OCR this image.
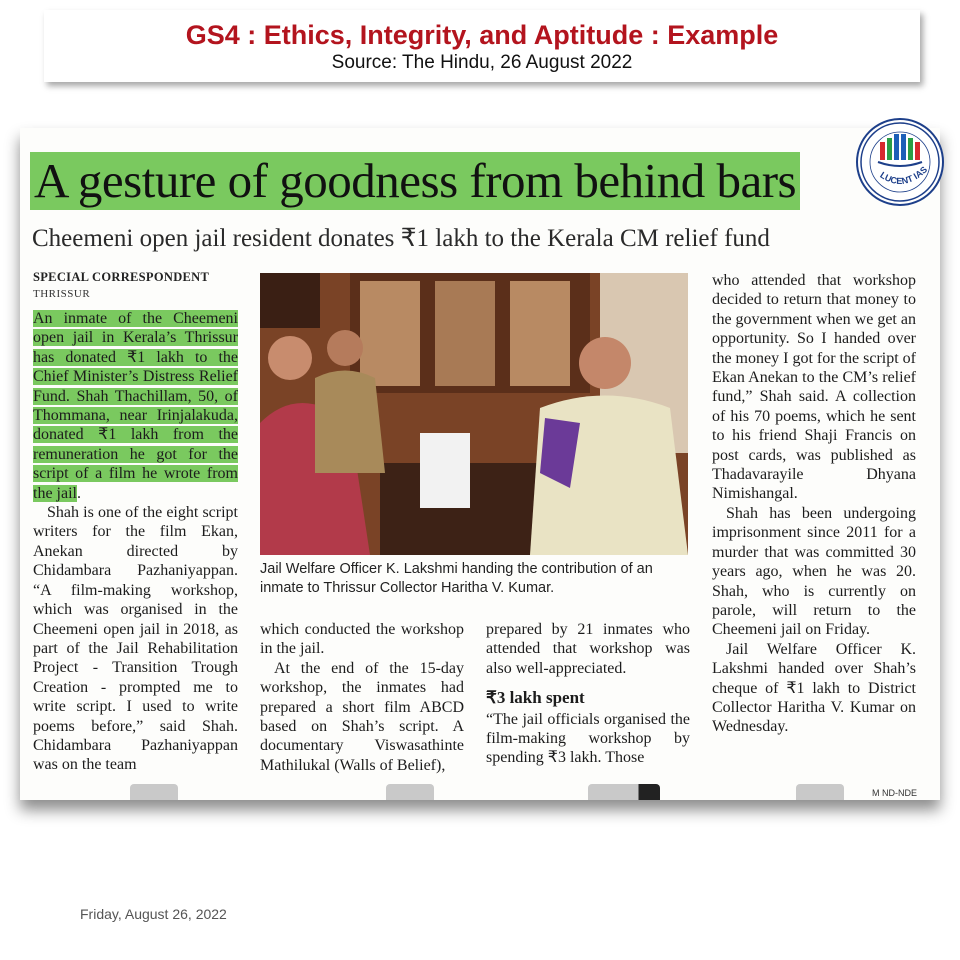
GS4 : Ethics, Integrity, and Aptitude : Example
Source: The Hindu, 26 August 2022
LUCENT IAS
A gesture of goodness from behind bars
Cheemeni open jail resident donates ₹1 lakh to the Kerala CM relief fund
SPECIAL CORRESPONDENT
THRISSUR

An inmate of the Cheemeni open jail in Kerala’s Thrissur has donated ₹1 lakh to the Chief Minister’s Distress Relief Fund. Shah Thachillam, 50, of Thommana, near Irinjalakuda, donated ₹1 lakh from the remuneration he got for the script of a film he wrote from the jail.

Shah is one of the eight script writers for the film Ekan, Anekan directed by Chidambara Pazhaniyappan. “A film-making workshop, which was organised in the Cheemeni open jail in 2018, as part of the Jail Rehabilitation Project - Transition Trough Creation - prompted me to write script. I used to write poems before,” said Shah. Chidambara Pazhaniyappan was on the team

Jail Welfare Officer K. Lakshmi handing the contribution of an inmate to Thrissur Collector Haritha V. Kumar.

which conducted the workshop in the jail.

At the end of the 15-day workshop, the inmates had prepared a short film ABCD based on Shah’s script. A documentary Viswasathinte Mathilukal (Walls of Belief),

prepared by 21 inmates who attended that workshop was also well-appreciated.

₹3 lakh spent

“The jail officials organised the film-making workshop by spending ₹3 lakh. Those

who attended that workshop decided to return that money to the government when we get an opportunity. So I handed over the money I got for the script of Ekan Anekan to the CM’s relief fund,” Shah said. A collection of his 70 poems, which he sent to his friend Shaji Francis on post cards, was published as Thadavarayile Dhyana Nimishangal.

Shah has been undergoing imprisonment since 2011 for a murder that was committed 30 years ago, when he was 20. Shah, who is currently on parole, will return to the Cheemeni jail on Friday.

Jail Welfare Officer K. Lakshmi handed over Shah’s cheque of ₹1 lakh to District Collector Haritha V. Kumar on Wednesday.

M ND-NDE
Friday, August 26, 2022
